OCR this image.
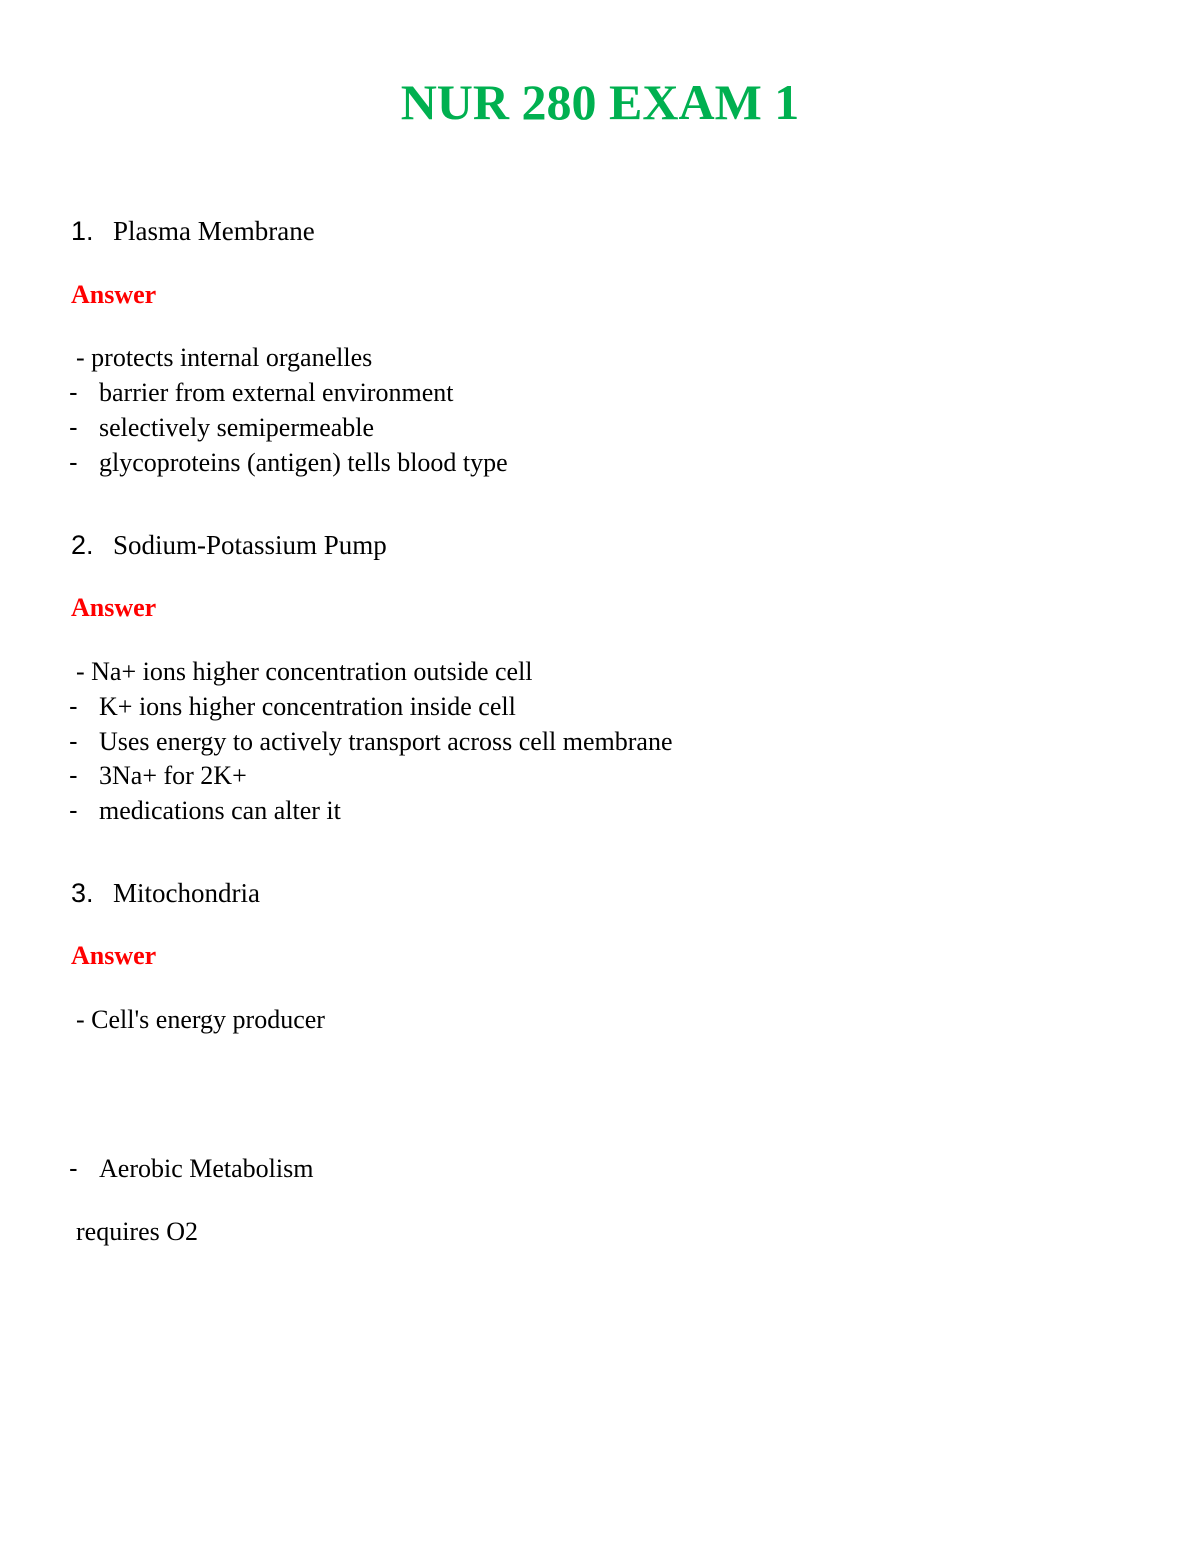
NUR 280 EXAM 1
1. Plasma Membrane
Answer
- protects internal organelles
- barrier from external environment
- selectively semipermeable
- glycoproteins (antigen) tells blood type
2. Sodium-Potassium Pump
Answer
- Na+ ions higher concentration outside cell
- K+ ions higher concentration inside cell
- Uses energy to actively transport across cell membrane
- 3Na+ for 2K+
- medications can alter it
3. Mitochondria
Answer
- Cell's energy producer
- Aerobic Metabolism
requires O2
